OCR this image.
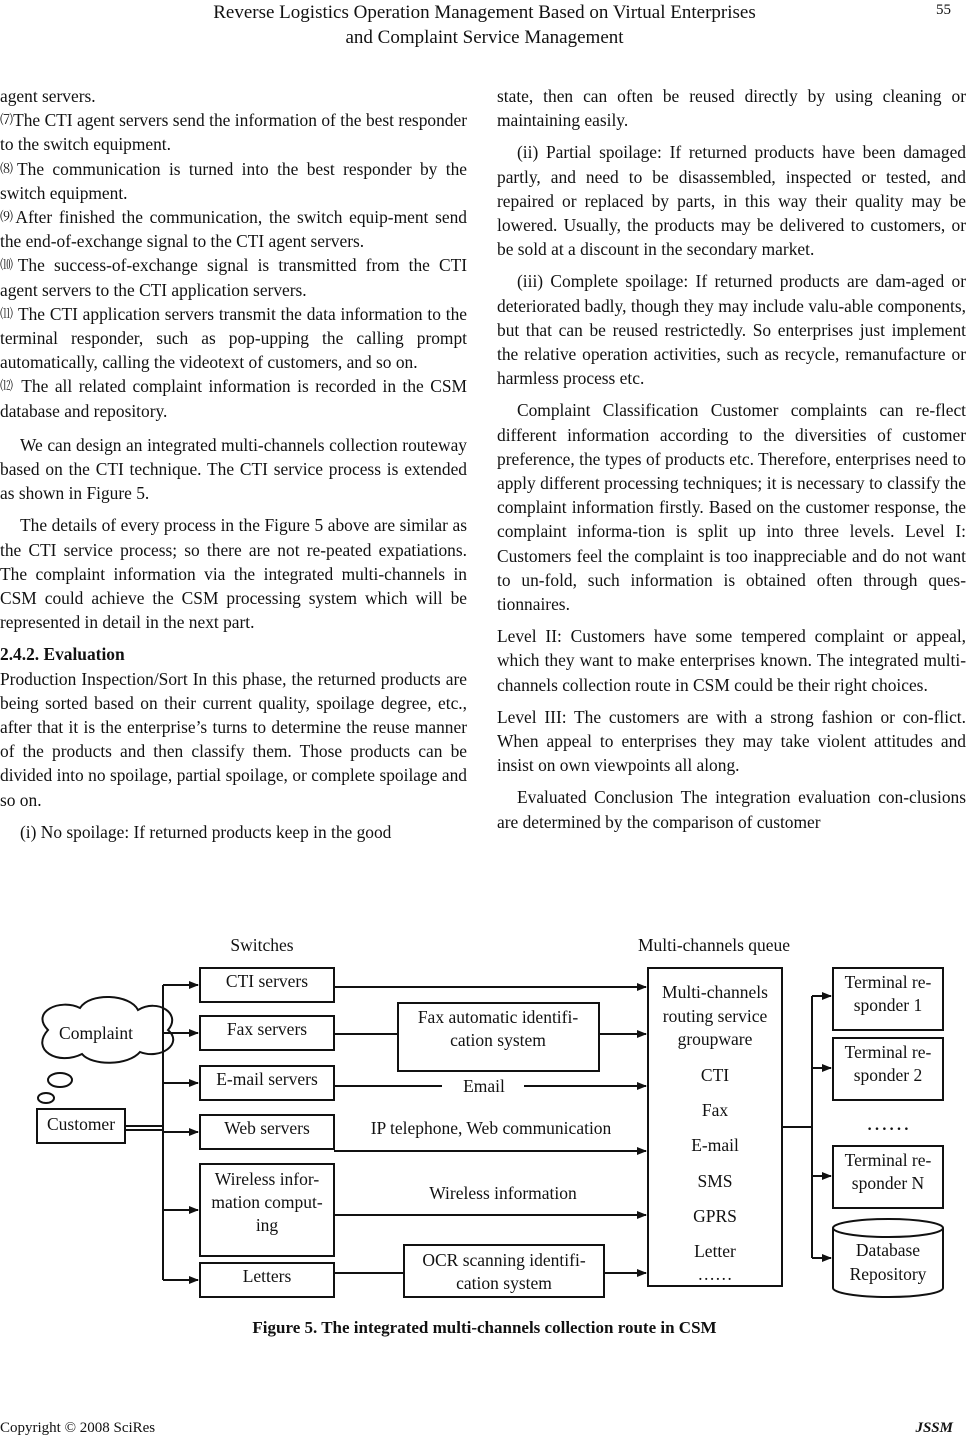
Reverse Logistics Operation Management Based on Virtual Enterprises
and Complaint Service Management
55

agent servers.

⑺The CTI agent servers send the information of the best responder to the switch equipment.

⑻The communication is turned into the best responder by the switch equipment.

⑼After finished the communication, the switch equip-ment send the end-of-exchange signal to the CTI agent servers.

⑽The success-of-exchange signal is transmitted from the CTI agent servers to the CTI application servers.

⑾ The CTI application servers transmit the data information to the terminal responder, such as pop-upping the calling prompt automatically, calling the videotext of customers, and so on.

⑿ The all related complaint information is recorded in the CSM database and repository.

We can design an integrated multi-channels collection routeway based on the CTI technique. The CTI service process is extended as shown in Figure 5.

The details of every process in the Figure 5 above are similar as the CTI service process; so there are not re-peated expatiations. The complaint information via the integrated multi-channels in CSM could achieve the CSM processing system which will be represented in detail in the next part.

2.4.2. Evaluation

Production Inspection/Sort In this phase, the returned products are being sorted based on their current quality, spoilage degree, etc., after that it is the enterprise’s turns to determine the reuse manner of the products and then classify them. Those products can be divided into no spoilage, partial spoilage, or complete spoilage and so on.

(i) No spoilage: If returned products keep in the good

state, then can often be reused directly by using cleaning or maintaining easily.

(ii) Partial spoilage: If returned products have been damaged partly, and need to be disassembled, inspected or tested, and repaired or replaced by parts, in this way their quality may be lowered. Usually, the products may be delivered to customers, or be sold at a discount in the secondary market.

(iii) Complete spoilage: If returned products are dam-aged or deteriorated badly, though they may include valu-able components, but that can be reused restrictedly. So enterprises just implement the relative operation activities, such as recycle, remanufacture or harmless process etc.

Complaint Classification Customer complaints can re-flect different information according to the diversities of customer preference, the types of products etc. Therefore, enterprises need to apply different processing techniques; it is necessary to classify the complaint information firstly. Based on the customer response, the complaint informa-tion is split up into three levels. Level I: Customers feel the complaint is too inappreciable and do not want to un-fold, such information is obtained often through ques-tionnaires.

Level II: Customers have some tempered complaint or appeal, which they want to make enterprises known. The integrated multi-channels collection route in CSM could be their right choices.

Level III: The customers are with a strong fashion or con-flict. When appeal to enterprises they may take violent attitudes and insist on own viewpoints all along.

Evaluated Conclusion The integration evaluation con-clusions are determined by the comparison of customer

Switches	Multi-channels queue
Complaint
Customer
CTI servers
Fax servers
E-mail servers
Web servers
Wireless infor-
mation comput-
ing
Letters
Fax automatic identifi-
cation system
Email
IP telephone, Web communication
Wireless information
OCR scanning identifi-
cation system
Multi-channels
routing service
groupware
CTI
Fax
E-mail
SMS
GPRS
Letter
……
Terminal re-
sponder 1
Terminal re-
sponder 2
……
Terminal re-
sponder N
Database
Repository
Figure 5. The integrated multi-channels collection route in CSM
Copyright © 2008 SciRes	JSSM
